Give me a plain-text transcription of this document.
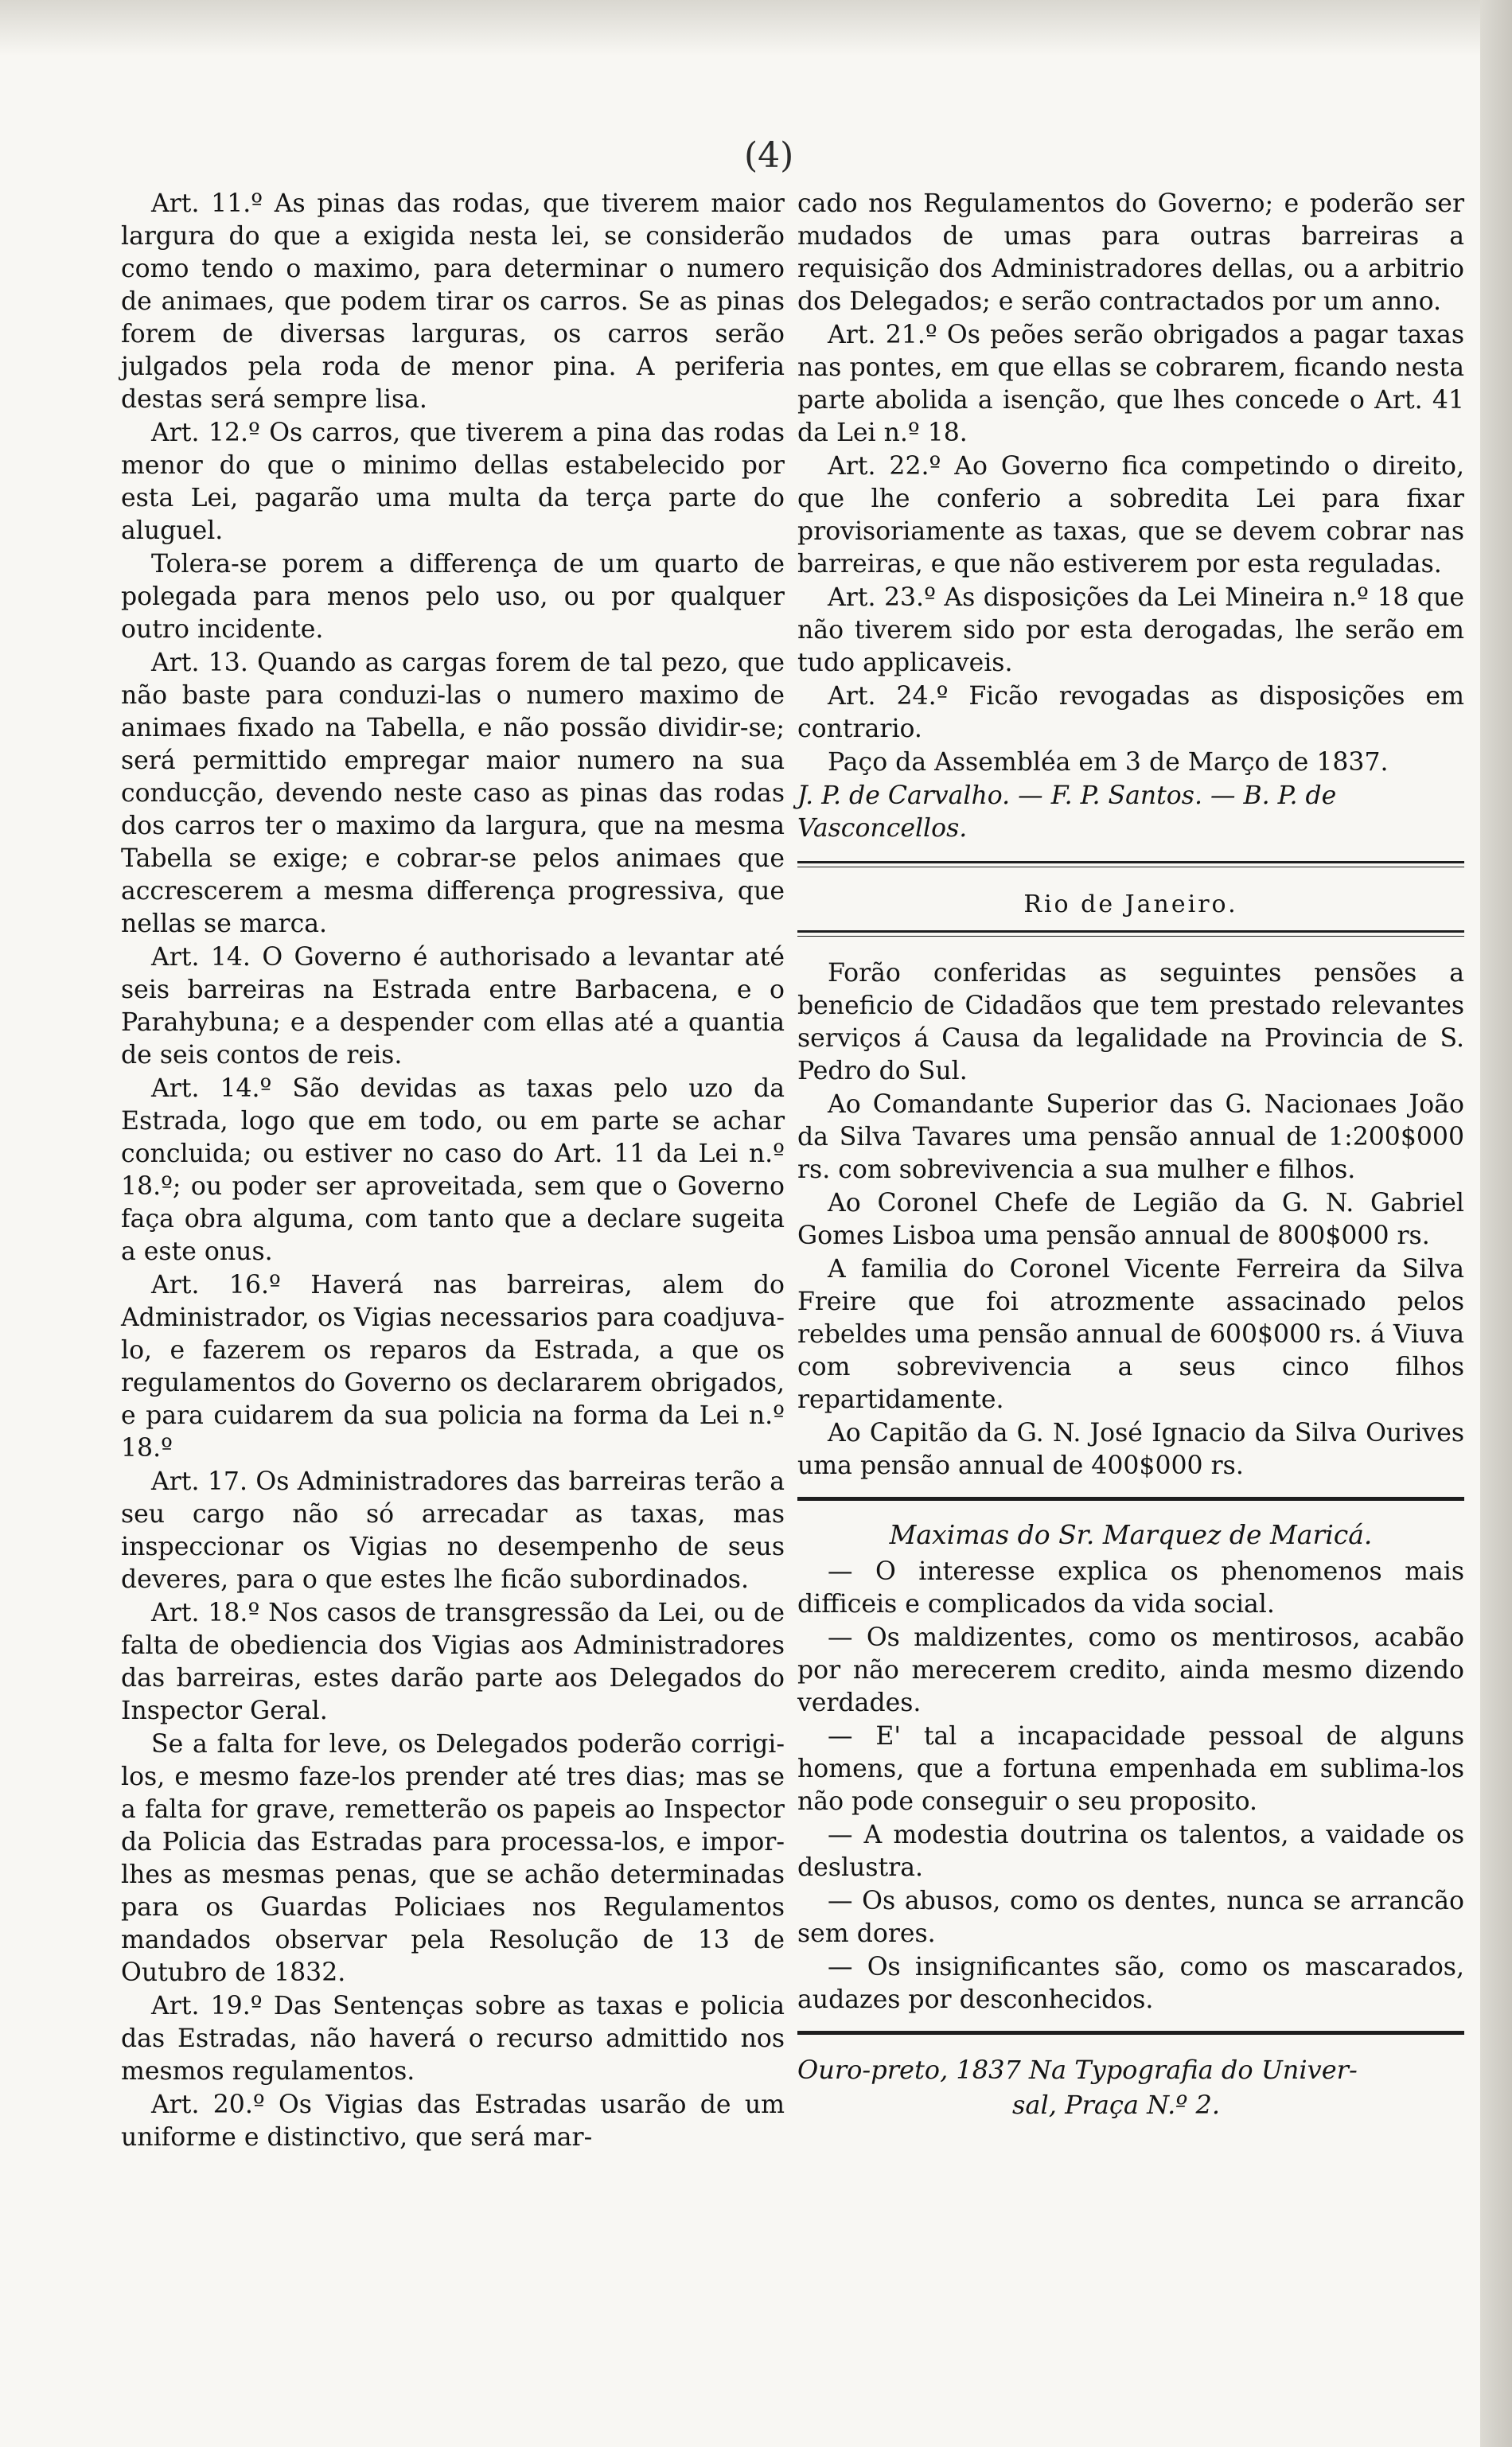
(4)

Art. 11.º As pinas das rodas, que tiverem maior largura do que a exigida nesta lei, se considerão como tendo o maximo, para determinar o numero de animaes, que podem tirar os carros. Se as pinas forem de diversas larguras, os carros serão julgados pela roda de menor pina. A periferia destas será sempre lisa.

Art. 12.º Os carros, que tiverem a pina das rodas menor do que o minimo dellas estabelecido por esta Lei, pagarão uma multa da terça parte do aluguel.

Tolera-se porem a differença de um quarto de polegada para menos pelo uso, ou por qualquer outro incidente.

Art. 13. Quando as cargas forem de tal pezo, que não baste para conduzi-las o numero maximo de animaes fixado na Tabella, e não possão dividir-se; será permittido empregar maior numero na sua conducção, devendo neste caso as pinas das rodas dos carros ter o maximo da largura, que na mesma Tabella se exige; e cobrar-se pelos animaes que accrescerem a mesma differença progressiva, que nellas se marca.

Art. 14. O Governo é authorisado a levantar até seis barreiras na Estrada entre Barbacena, e o Parahybuna; e a despender com ellas até a quantia de seis contos de reis.

Art. 14.º São devidas as taxas pelo uzo da Estrada, logo que em todo, ou em parte se achar concluida; ou estiver no caso do Art. 11 da Lei n.º 18.º; ou poder ser aproveitada, sem que o Governo faça obra alguma, com tanto que a declare sugeita a este onus.

Art. 16.º Haverá nas barreiras, alem do Administrador, os Vigias necessarios para coadjuva-lo, e fazerem os reparos da Estrada, a que os regulamentos do Governo os declararem obrigados, e para cuidarem da sua policia na forma da Lei n.º 18.º

Art. 17. Os Administradores das barreiras terão a seu cargo não só arrecadar as taxas, mas inspeccionar os Vigias no desempenho de seus deveres, para o que estes lhe ficão subordinados.

Art. 18.º Nos casos de transgressão da Lei, ou de falta de obediencia dos Vigias aos Administradores das barreiras, estes darão parte aos Delegados do Inspector Geral.

Se a falta for leve, os Delegados poderão corrigi-los, e mesmo faze-los prender até tres dias; mas se a falta for grave, remetterão os papeis ao Inspector da Policia das Estradas para processa-los, e impor-lhes as mesmas penas, que se achão determinadas para os Guardas Policiaes nos Regulamentos mandados observar pela Resolução de 13 de Outubro de 1832.

Art. 19.º Das Sentenças sobre as taxas e policia das Estradas, não haverá o recurso admittido nos mesmos regulamentos.

Art. 20.º Os Vigias das Estradas usarão de um uniforme e distinctivo, que será mar-

cado nos Regulamentos do Governo; e poderão ser mudados de umas para outras barreiras a requisição dos Administradores dellas, ou a arbitrio dos Delegados; e serão contractados por um anno.

Art. 21.º Os peões serão obrigados a pagar taxas nas pontes, em que ellas se cobrarem, ficando nesta parte abolida a isenção, que lhes concede o Art. 41 da Lei n.º 18.

Art. 22.º Ao Governo fica competindo o direito, que lhe conferio a sobredita Lei para fixar provisoriamente as taxas, que se devem cobrar nas barreiras, e que não estiverem por esta reguladas.

Art. 23.º As disposições da Lei Mineira n.º 18 que não tiverem sido por esta derogadas, lhe serão em tudo applicaveis.

Art. 24.º Ficão revogadas as disposições em contrario.

Paço da Assembléa em 3 de Março de 1837.

J. P. de Carvalho. — F. P. Santos. — B. P. de Vasconcellos.

Rio de Janeiro.

Forão conferidas as seguintes pensões a beneficio de Cidadãos que tem prestado relevantes serviços á Causa da legalidade na Provincia de S. Pedro do Sul.

Ao Comandante Superior das G. Nacionaes João da Silva Tavares uma pensão annual de 1:200$000 rs. com sobrevivencia a sua mulher e filhos.

Ao Coronel Chefe de Legião da G. N. Gabriel Gomes Lisboa uma pensão annual de 800$000 rs.

A familia do Coronel Vicente Ferreira da Silva Freire que foi atrozmente assacinado pelos rebeldes uma pensão annual de 600$000 rs. á Viuva com sobrevivencia a seus cinco filhos repartidamente.

Ao Capitão da G. N. José Ignacio da Silva Ourives uma pensão annual de 400$000 rs.

Maximas do Sr. Marquez de Maricá.

— O interesse explica os phenomenos mais difficeis e complicados da vida social.

— Os maldizentes, como os mentirosos, acabão por não merecerem credito, ainda mesmo dizendo verdades.

— E' tal a incapacidade pessoal de alguns homens, que a fortuna empenhada em sublima-los não pode conseguir o seu proposito.

— A modestia doutrina os talentos, a vaidade os deslustra.

— Os abusos, como os dentes, nunca se arrancão sem dores.

— Os insignificantes são, como os mascarados, audazes por desconhecidos.

Ouro-preto, 1837 Na Typografia do Univer-
sal, Praça N.º 2.
